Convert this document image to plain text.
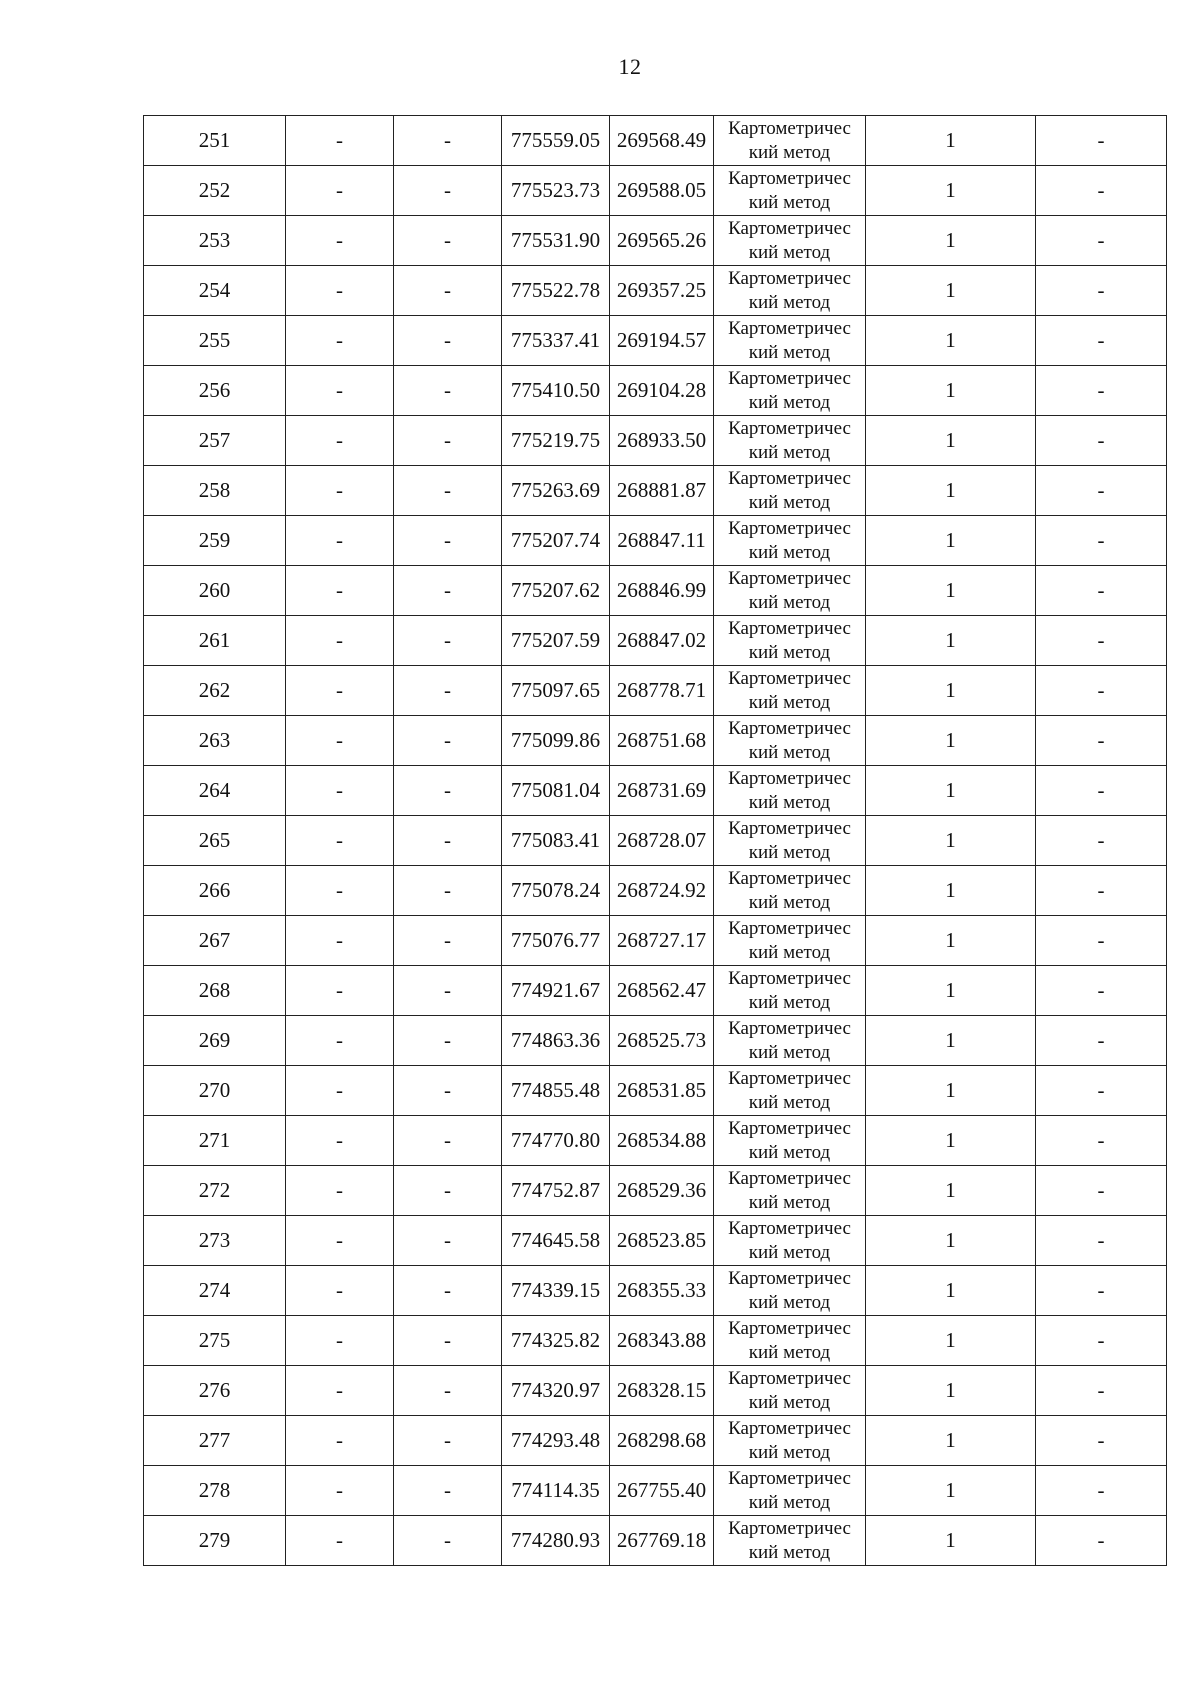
12
251	-	-	775559.05	269568.49	Картометричес
кий метод	1	-
252	-	-	775523.73	269588.05	Картометричес
кий метод	1	-
253	-	-	775531.90	269565.26	Картометричес
кий метод	1	-
254	-	-	775522.78	269357.25	Картометричес
кий метод	1	-
255	-	-	775337.41	269194.57	Картометричес
кий метод	1	-
256	-	-	775410.50	269104.28	Картометричес
кий метод	1	-
257	-	-	775219.75	268933.50	Картометричес
кий метод	1	-
258	-	-	775263.69	268881.87	Картометричес
кий метод	1	-
259	-	-	775207.74	268847.11	Картометричес
кий метод	1	-
260	-	-	775207.62	268846.99	Картометричес
кий метод	1	-
261	-	-	775207.59	268847.02	Картометричес
кий метод	1	-
262	-	-	775097.65	268778.71	Картометричес
кий метод	1	-
263	-	-	775099.86	268751.68	Картометричес
кий метод	1	-
264	-	-	775081.04	268731.69	Картометричес
кий метод	1	-
265	-	-	775083.41	268728.07	Картометричес
кий метод	1	-
266	-	-	775078.24	268724.92	Картометричес
кий метод	1	-
267	-	-	775076.77	268727.17	Картометричес
кий метод	1	-
268	-	-	774921.67	268562.47	Картометричес
кий метод	1	-
269	-	-	774863.36	268525.73	Картометричес
кий метод	1	-
270	-	-	774855.48	268531.85	Картометричес
кий метод	1	-
271	-	-	774770.80	268534.88	Картометричес
кий метод	1	-
272	-	-	774752.87	268529.36	Картометричес
кий метод	1	-
273	-	-	774645.58	268523.85	Картометричес
кий метод	1	-
274	-	-	774339.15	268355.33	Картометричес
кий метод	1	-
275	-	-	774325.82	268343.88	Картометричес
кий метод	1	-
276	-	-	774320.97	268328.15	Картометричес
кий метод	1	-
277	-	-	774293.48	268298.68	Картометричес
кий метод	1	-
278	-	-	774114.35	267755.40	Картометричес
кий метод	1	-
279	-	-	774280.93	267769.18	Картометричес
кий метод	1	-
